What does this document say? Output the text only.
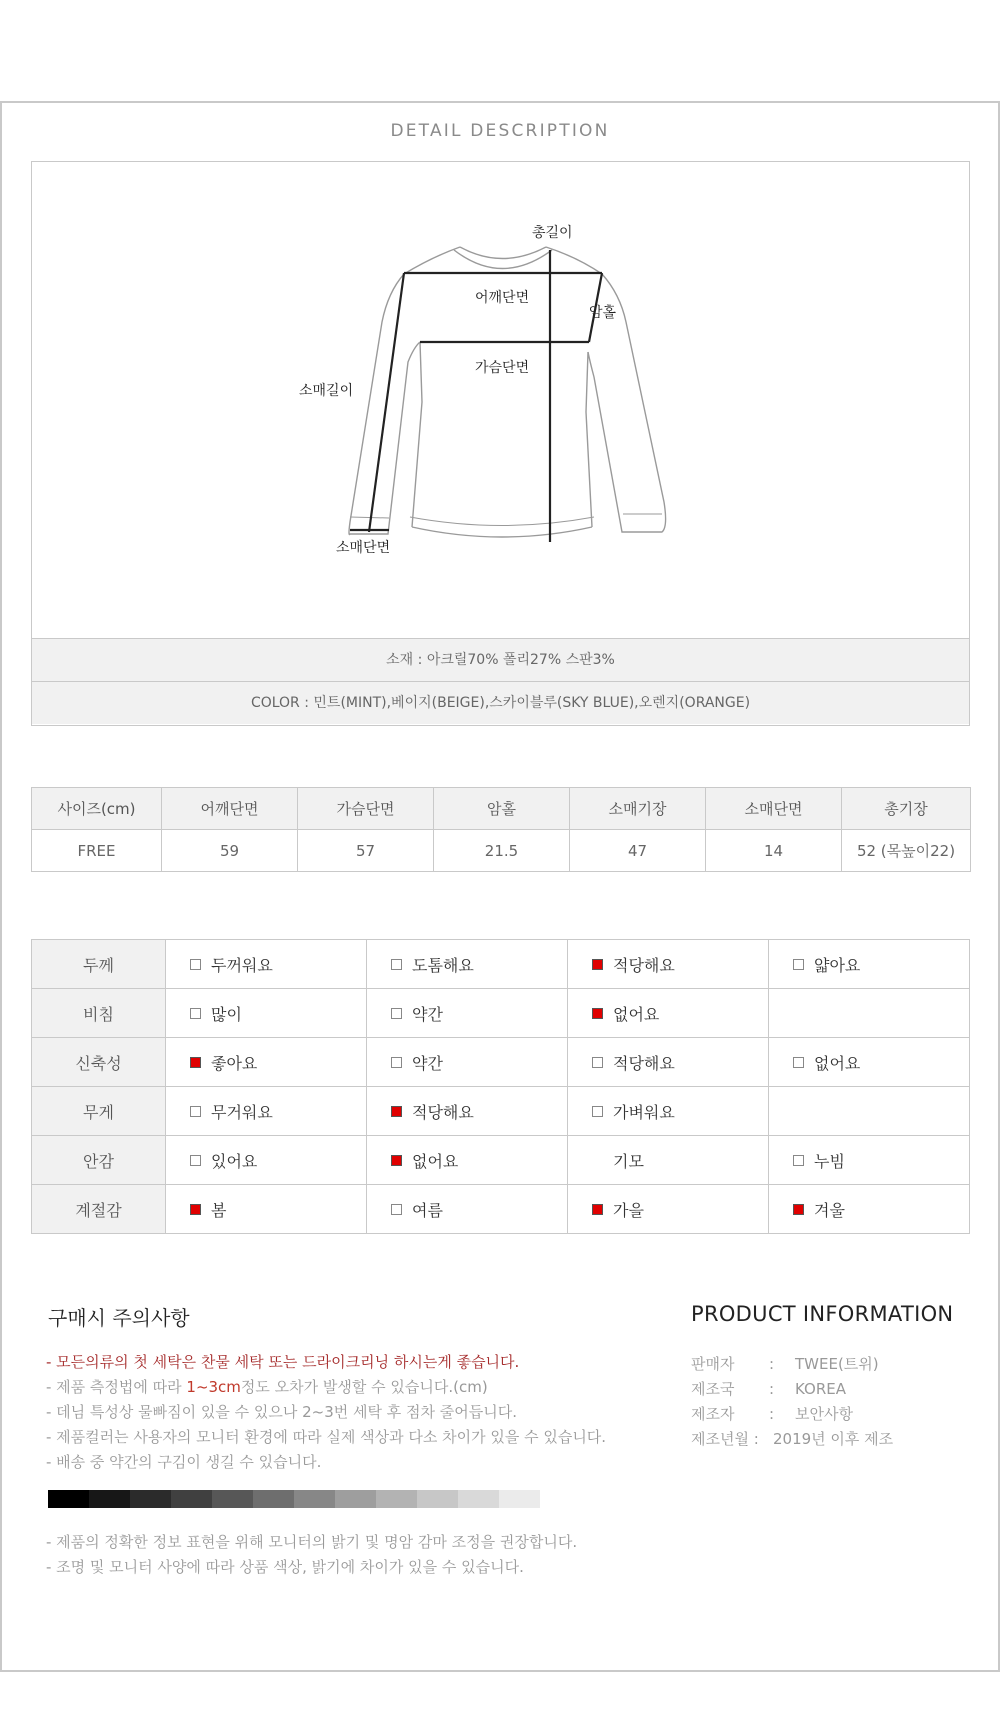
DETAIL DESCRIPTION
총길이
어깨단면
암홀
가슴단면
소매길이
소매단면
소재 : 아크릴70% 폴리27% 스판3%
COLOR : 민트(MINT),베이지(BEIGE),스카이블루(SKY BLUE),오렌지(ORANGE)
사이즈(cm)	어깨단면	가슴단면	암홀	소매기장	소매단면	총기장
FREE	59	57	21.5	47	14	52 (목높이22)
두께	두꺼워요	도톰해요	적당해요	얇아요
비침	많이	약간	없어요	
신축성	좋아요	약간	적당해요	없어요
무게	무거워요	적당해요	가벼워요	
안감	있어요	없어요	기모	누빔
계절감	봄	여름	가을	겨울
구매시 주의사항
- 모든의류의 첫 세탁은 찬물 세탁 또는 드라이크리닝 하시는게 좋습니다.
- 제품 측정법에 따라 1~3cm정도 오차가 발생할 수 있습니다.(cm)
- 데님 특성상 물빠짐이 있을 수 있으나 2~3번 세탁 후 점차 줄어듭니다.
- 제품컬러는 사용자의 모니터 환경에 따라 실제 색상과 다소 차이가 있을 수 있습니다.
- 배송 중 약간의 구김이 생길 수 있습니다.
- 제품의 정확한 정보 표현을 위해 모니터의 밝기 및 명암 감마 조정을 권장합니다.
- 조명 및 모니터 사양에 따라 상품 색상, 밝기에 차이가 있을 수 있습니다.
PRODUCT INFORMATION
판매자 : TWEE(트위)
제조국 : KOREA
제조자 : 보안사항
제조년월 : 2019년 이후 제조
